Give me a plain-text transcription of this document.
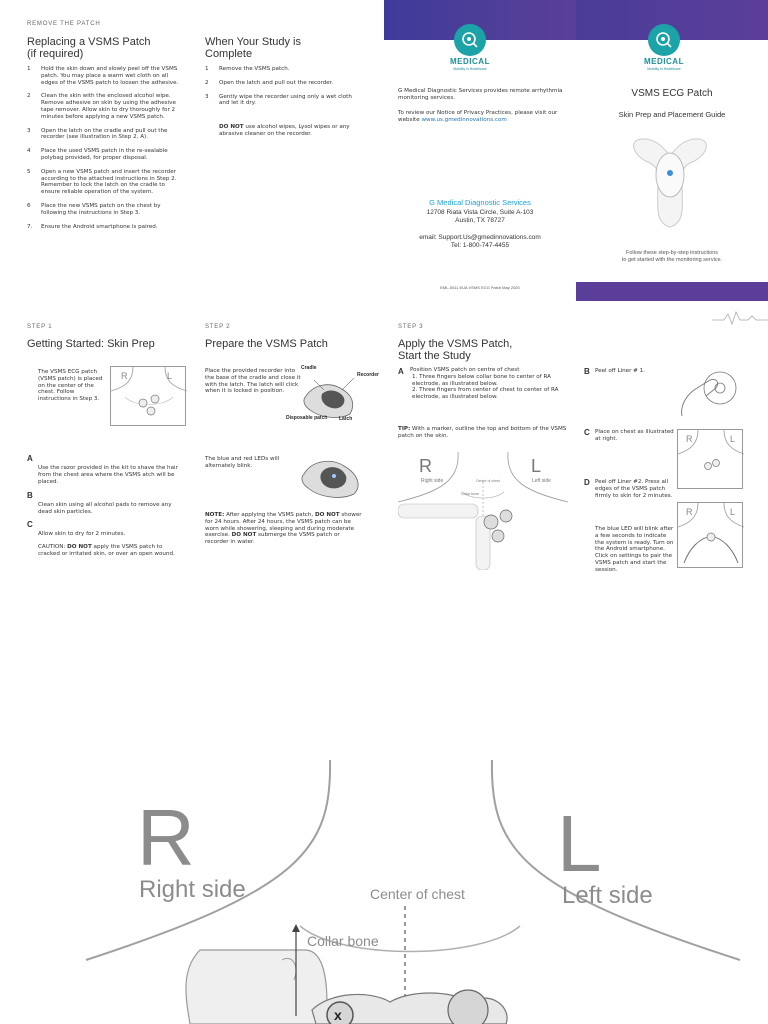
REMOVE THE PATCH
Replacing a VSMS Patch
(if required)
1 Hold the skin down and slowly peel off the VSMS patch. You may place a warm wet cloth on all edges of the VSMS patch to loosen the adhesive.
2 Clean the skin with the enclosed alcohol wipe. Remove adhesive on skin by using the adhesive tape remover. Allow skin to dry thoroughly for 2 minutes before applying a new VSMS patch.
3 Open the latch on the cradle and pull out the recorder (see illustration in Step 2, A).
4 Place the used VSMS patch in the re-sealable polybag provided, for proper disposal.
5 Open a new VSMS patch and insert the recorder according to the attached instructions in Step 2. Remember to lock the latch on the cradle to ensure reliable operation of the system.
6 Place the new VSMS patch on the chest by following the instructions in Step 3.
7. Ensure the Android smartphone is paired.
When Your Study is
Complete
1 Remove the VSMS patch.
2 Open the latch and pull out the recorder.
3 Gently wipe the recorder using only a wet cloth and let it dry.
DO NOT use alcohol wipes, Lysol wipes or any abrasive cleaner on the recorder.
MEDICAL
Mobility in Healthcare
G Medical Diagnostic Services provides remote arrhythmia monitoring services.
To review our Notice of Privacy Practices, please visit our website www.us.gmedinnovations.com
G Medical Diagnostic Services
12708 Riata Vista Circle, Suite A-103
Austin, TX 78727
email: Support.Us@gmedinnovations.com
Tel: 1-800-747-4455
EML-0011 EUA VSMS ECG Patch May 2020
MEDICAL
Mobility in Healthcare
VSMS ECG Patch
Skin Prep and Placement Guide
Follow these step-by-step instructions
to get started with the monitoring service.
STEP 1
Getting Started: Skin Prep
The VSMS ECG patch (VSMS patch) is placed on the center of the chest. Follow instructions in Step 3.
R	L
A
Use the razor provided in the kit to shave the hair from the chest area where the VSMS atch will be placed.
B
Clean skin using all alcohol pads to remove any dead skin particles.
C
Allow skin to dry for 2 minutes.
CAUTION: DO NOT apply the VSMS patch to cracked or irritated skin, or over an open wound.
STEP 2
Prepare the VSMS Patch
Place the provided recorder into the base of the cradle and close it with the latch. The latch will click when it is locked in position.
Cradle
Recorder
Disposable patch Latch
The blue and red LEDs will alternately blink.
NOTE: After applying the VSMS patch, DO NOT shower for 24 hours. After 24 hours, the VSMS patch can be worn while showering, sleeping and during moderate exercise. DO NOT submerge the VSMS patch or recorder in water.
STEP 3
Apply the VSMS Patch,
Start the Study
A Position VSMS patch on centre of chest
1. Three fingers below collar bone to center of RA electrode, as illustrated below.
2. Three fingers from center of chest to center of RA electrode, as illustrated below.
TIP: With a marker, outline the top and bottom of the VSMS patch on the skin.
R	L
Right side	Left side
Center of chest
Collar bone
B Peel off Liner # 1.
C Place on chest as illustrated at right.	R	L
D Peel off Liner #2. Press all edges of the VSMS patch firmly to skin for 2 minutes.
R	L
The blue LED will blink after a few seconds to indicate the system is ready. Turn on the Android smartphone. Click on settings to pair the VSMS patch and start the session.
x
R	L
Right side	Left side
Center of chest
Collar bone
